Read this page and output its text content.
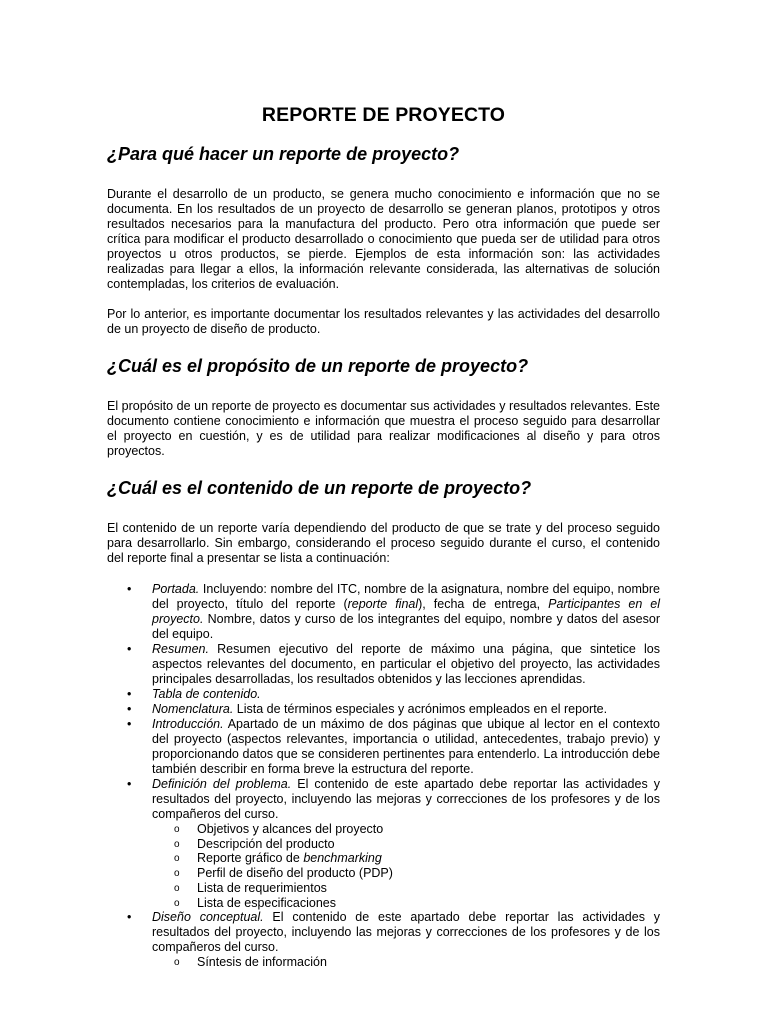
REPORTE DE PROYECTO
¿Para qué hacer un reporte de proyecto?

Durante el desarrollo de un producto, se genera mucho conocimiento e información que no se documenta. En los resultados de un proyecto de desarrollo se generan planos, prototipos y otros resultados necesarios para la manufactura del producto. Pero otra información que puede ser crítica para modificar el producto desarrollado o conocimiento que pueda ser de utilidad para otros proyectos u otros productos, se pierde. Ejemplos de esta información son: las actividades realizadas para llegar a ellos, la información relevante considerada, las alternativas de solución contempladas, los criterios de evaluación.

Por lo anterior, es importante documentar los resultados relevantes y las actividades del desarrollo de un proyecto de diseño de producto.

¿Cuál es el propósito de un reporte de proyecto?

El propósito de un reporte de proyecto es documentar sus actividades y resultados relevantes. Este documento contiene conocimiento e información que muestra el proceso seguido para desarrollar el proyecto en cuestión, y es de utilidad para realizar modificaciones al diseño y para otros proyectos.

¿Cuál es el contenido de un reporte de proyecto?

El contenido de un reporte varía dependiendo del producto de que se trate y del proceso seguido para desarrollarlo. Sin embargo, considerando el proceso seguido durante el curso, el contenido del reporte final a presentar se lista a continuación:

• Portada. Incluyendo: nombre del ITC, nombre de la asignatura, nombre del equipo, nombre del proyecto, título del reporte (reporte final), fecha de entrega, Participantes en el proyecto. Nombre, datos y curso de los integrantes del equipo, nombre y datos del asesor del equipo.
• Resumen. Resumen ejecutivo del reporte de máximo una página, que sintetice los aspectos relevantes del documento, en particular el objetivo del proyecto, las actividades principales desarrolladas, los resultados obtenidos y las lecciones aprendidas.
• Tabla de contenido.
• Nomenclatura. Lista de términos especiales y acrónimos empleados en el reporte.
• Introducción. Apartado de un máximo de dos páginas que ubique al lector en el contexto del proyecto (aspectos relevantes, importancia o utilidad, antecedentes, trabajo previo) y proporcionando datos que se consideren pertinentes para entenderlo. La introducción debe también describir en forma breve la estructura del reporte.
• Definición del problema. El contenido de este apartado debe reportar las actividades y resultados del proyecto, incluyendo las mejoras y correcciones de los profesores y de los compañeros del curso.
o Objetivos y alcances del proyecto
o Descripción del producto
o Reporte gráfico de benchmarking
o Perfil de diseño del producto (PDP)
o Lista de requerimientos
o Lista de especificaciones
• Diseño conceptual. El contenido de este apartado debe reportar las actividades y resultados del proyecto, incluyendo las mejoras y correcciones de los profesores y de los compañeros del curso.
o Síntesis de información
